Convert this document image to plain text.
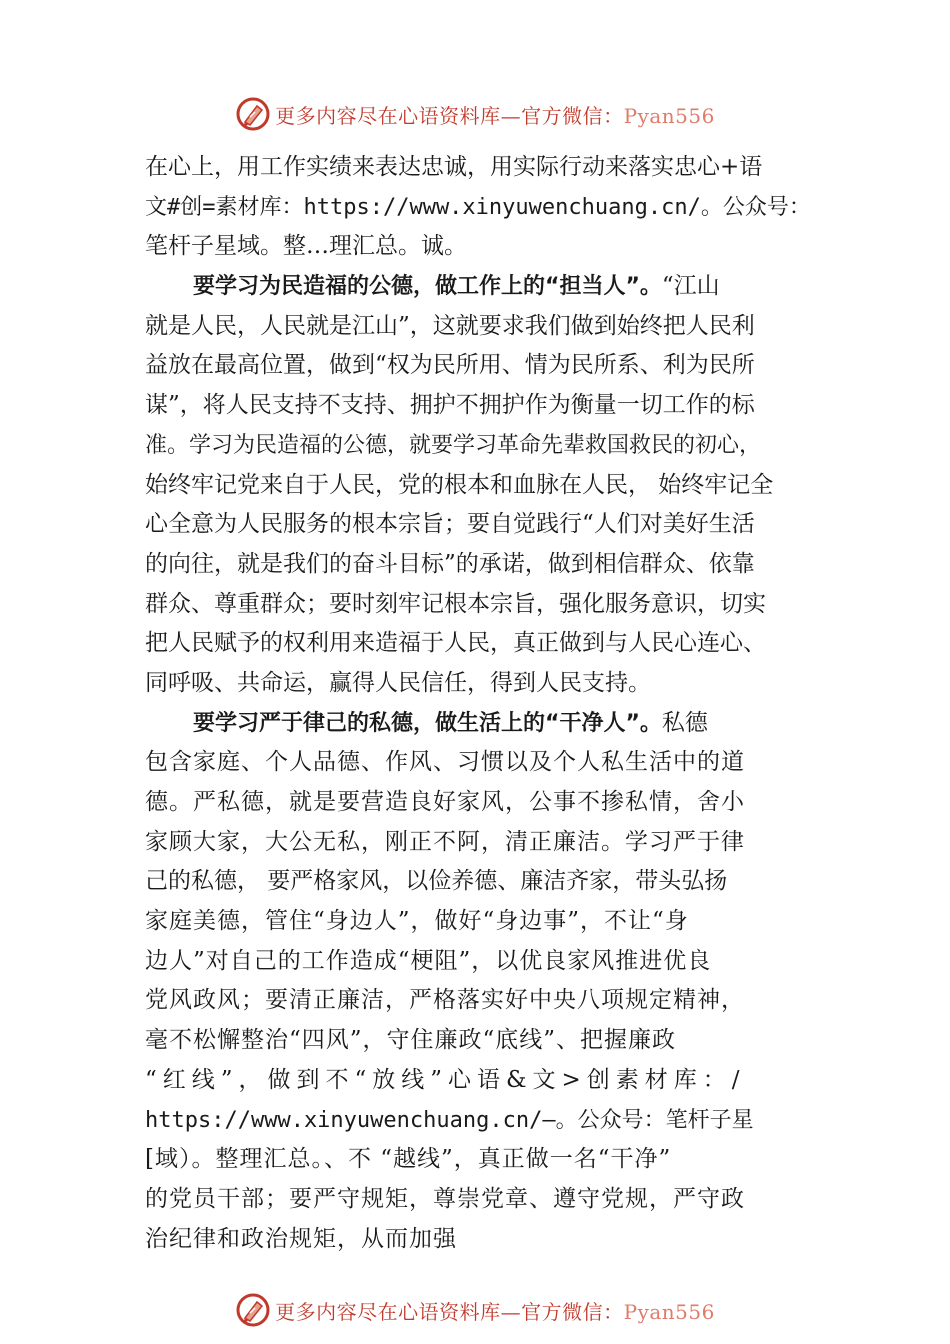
更多内容尽在心语资料库—官方微信：Pyan556
在心上，用工作实绩来表达忠诚，用实际行动来落实忠心+语
文#创=素材库：https://www.xinyuwenchuang.cn/。公众号：
笔杆子星域。整…理汇总。诚。
要学习为民造福的公德，做工作上的“担当人”。“江山
就是人民，人民就是江山”，这就要求我们做到始终把人民利
益放在最高位置，做到“权为民所用、情为民所系、利为民所
谋”，将人民支持不支持、拥护不拥护作为衡量一切工作的标
准。学习为民造福的公德，就要学习革命先辈救国救民的初心，
始终牢记党来自于人民，党的根本和血脉在人民， 始终牢记全
心全意为人民服务的根本宗旨；要自觉践行“人们对美好生活
的向往，就是我们的奋斗目标”的承诺，做到相信群众、依靠
群众、尊重群众；要时刻牢记根本宗旨，强化服务意识，切实
把人民赋予的权利用来造福于人民，真正做到与人民心连心、
同呼吸、共命运，赢得人民信任，得到人民支持。
要学习严于律己的私德，做生活上的“干净人”。私德
包含家庭、个人品德、作风、习惯以及个人私生活中的道
德。严私德，就是要营造良好家风，公事不掺私情，舍小
家顾大家，大公无私，刚正不阿，清正廉洁。学习严于律
己的私德， 要严格家风，以俭养德、廉洁齐家，带头弘扬
家庭美德，管住“身边人”，做好“身边事”，不让“身
边人”对自己的工作造成“梗阻”，以优良家风推进优良
党风政风；要清正廉洁，严格落实好中央八项规定精神，
毫不松懈整治“四风”，守住廉政“底线”、把握廉政
“红线”，做到不“放线”心语&文>创素材库：/
https://www.xinyuwenchuang.cn/—。公众号：笔杆子星
[域）。整理汇总。、不 “越线”，真正做一名“干净”
的党员干部；要严守规矩，尊崇党章、遵守党规，严守政
治纪律和政治规矩，从而加强
更多内容尽在心语资料库—官方微信：Pyan556
